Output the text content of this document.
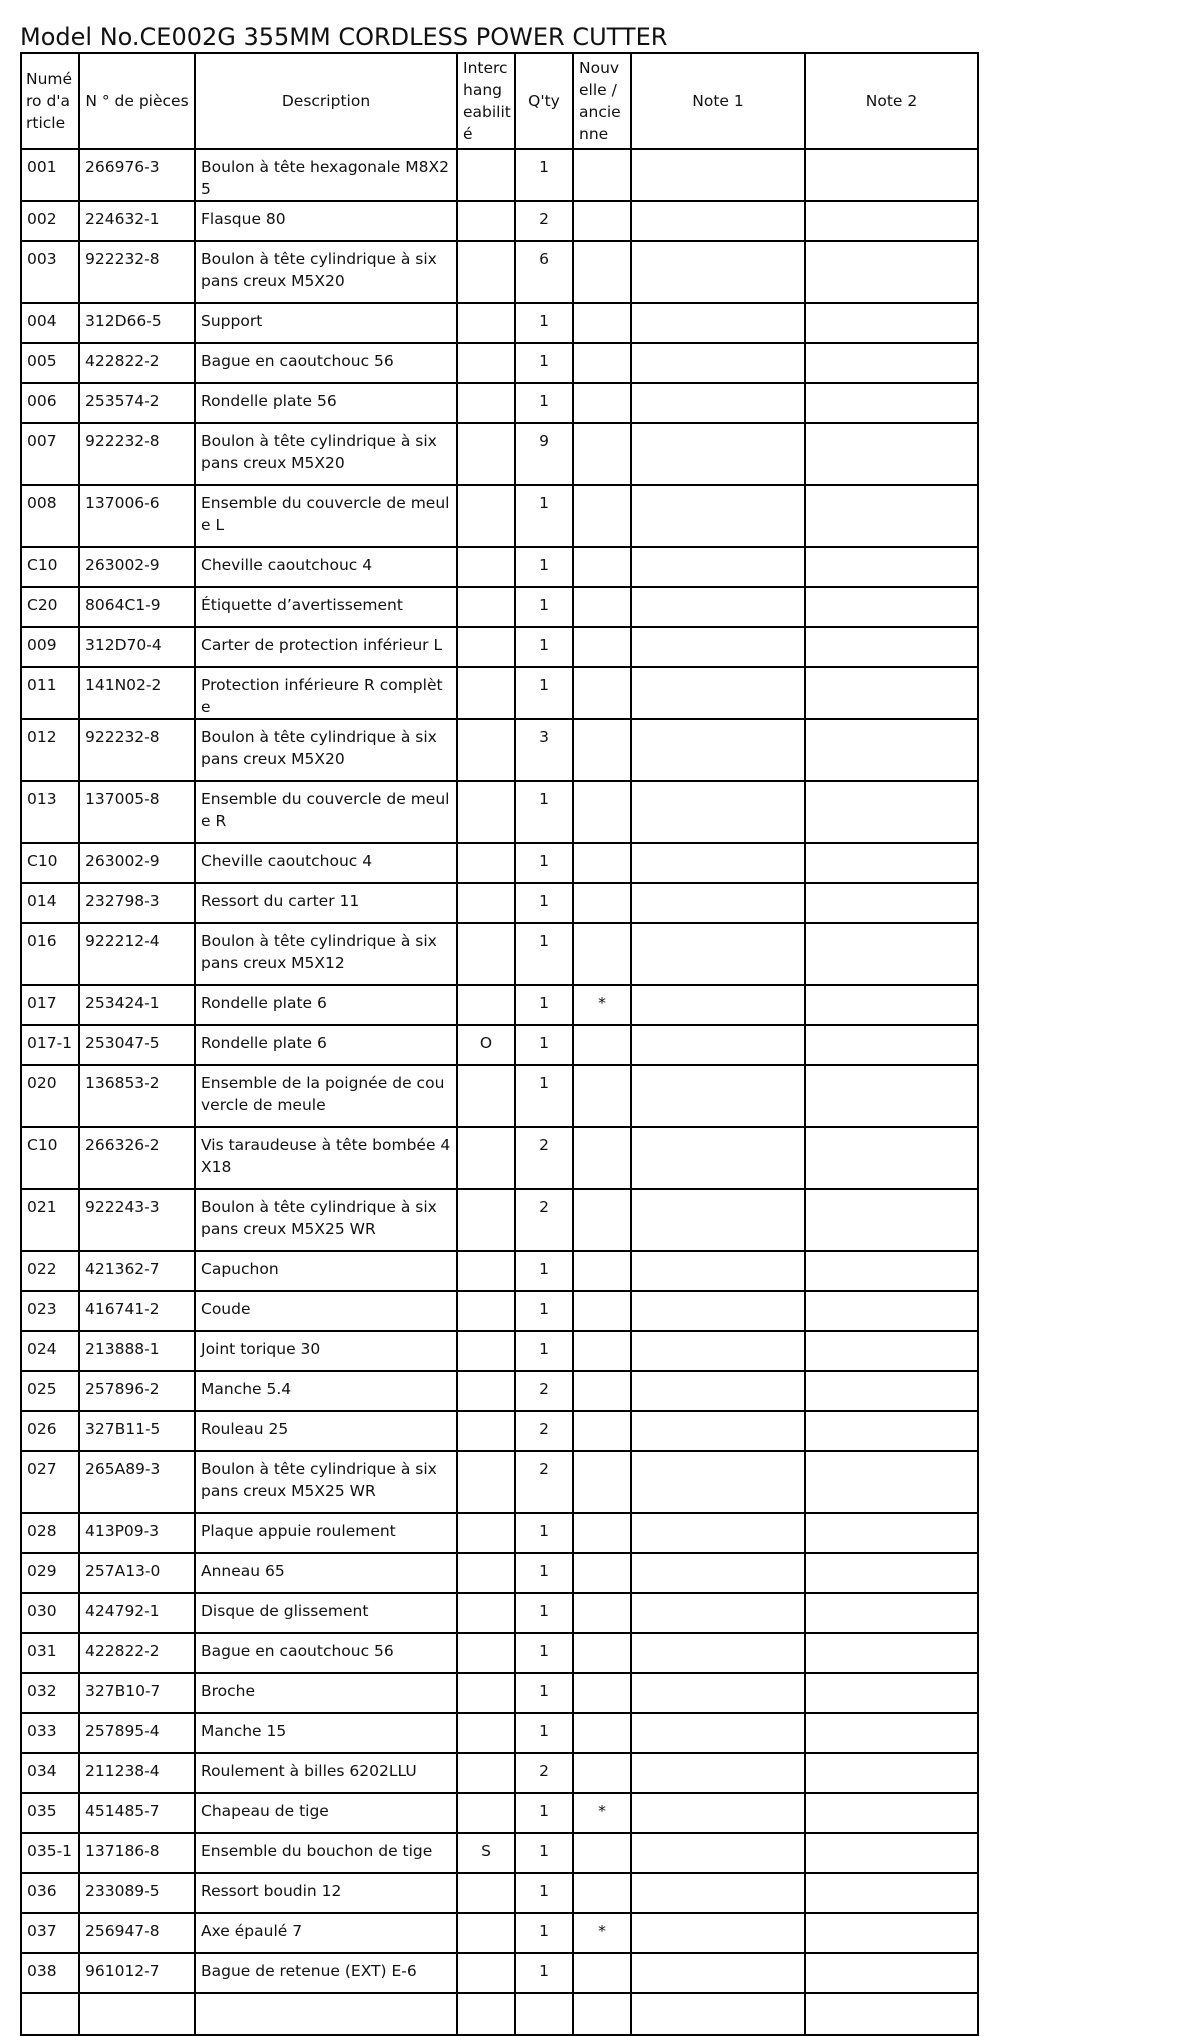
Model No.CE002G 355MM CORDLESS POWER CUTTER
Numé ro d'a rticle	N ° de pièces	Description	Interc hang eabilit é	Q'ty	Nouv elle / ancie nne	Note 1	Note 2
001	266976-3	Boulon à tête hexagonale M8X25		1			
002	224632-1	Flasque 80		2			
003	922232-8	Boulon à tête cylindrique à six pans creux M5X20		6			
004	312D66-5	Support		1			
005	422822-2	Bague en caoutchouc 56		1			
006	253574-2	Rondelle plate 56		1			
007	922232-8	Boulon à tête cylindrique à six pans creux M5X20		9			
008	137006-6	Ensemble du couvercle de meule L		1			
C10	263002-9	Cheville caoutchouc 4		1			
C20	8064C1-9	Étiquette d’avertissement		1			
009	312D70-4	Carter de protection inférieur L		1			
011	141N02-2	Protection inférieure R complète		1			
012	922232-8	Boulon à tête cylindrique à six pans creux M5X20		3			
013	137005-8	Ensemble du couvercle de meule R		1			
C10	263002-9	Cheville caoutchouc 4		1			
014	232798-3	Ressort du carter 11		1			
016	922212-4	Boulon à tête cylindrique à six pans creux M5X12		1			
017	253424-1	Rondelle plate 6		1	*		
017-1	253047-5	Rondelle plate 6	O	1			
020	136853-2	Ensemble de la poignée de couvercle de meule		1			
C10	266326-2	Vis taraudeuse à tête bombée 4X18		2			
021	922243-3	Boulon à tête cylindrique à six pans creux M5X25 WR		2			
022	421362-7	Capuchon		1			
023	416741-2	Coude		1			
024	213888-1	Joint torique 30		1			
025	257896-2	Manche 5.4		2			
026	327B11-5	Rouleau 25		2			
027	265A89-3	Boulon à tête cylindrique à six pans creux M5X25 WR		2			
028	413P09-3	Plaque appuie roulement		1			
029	257A13-0	Anneau 65		1			
030	424792-1	Disque de glissement		1			
031	422822-2	Bague en caoutchouc 56		1			
032	327B10-7	Broche		1			
033	257895-4	Manche 15		1			
034	211238-4	Roulement à billes 6202LLU		2			
035	451485-7	Chapeau de tige		1	*		
035-1	137186-8	Ensemble du bouchon de tige	S	1			
036	233089-5	Ressort boudin 12		1			
037	256947-8	Axe épaulé 7		1	*		
038	961012-7	Bague de retenue (EXT) E-6		1			
